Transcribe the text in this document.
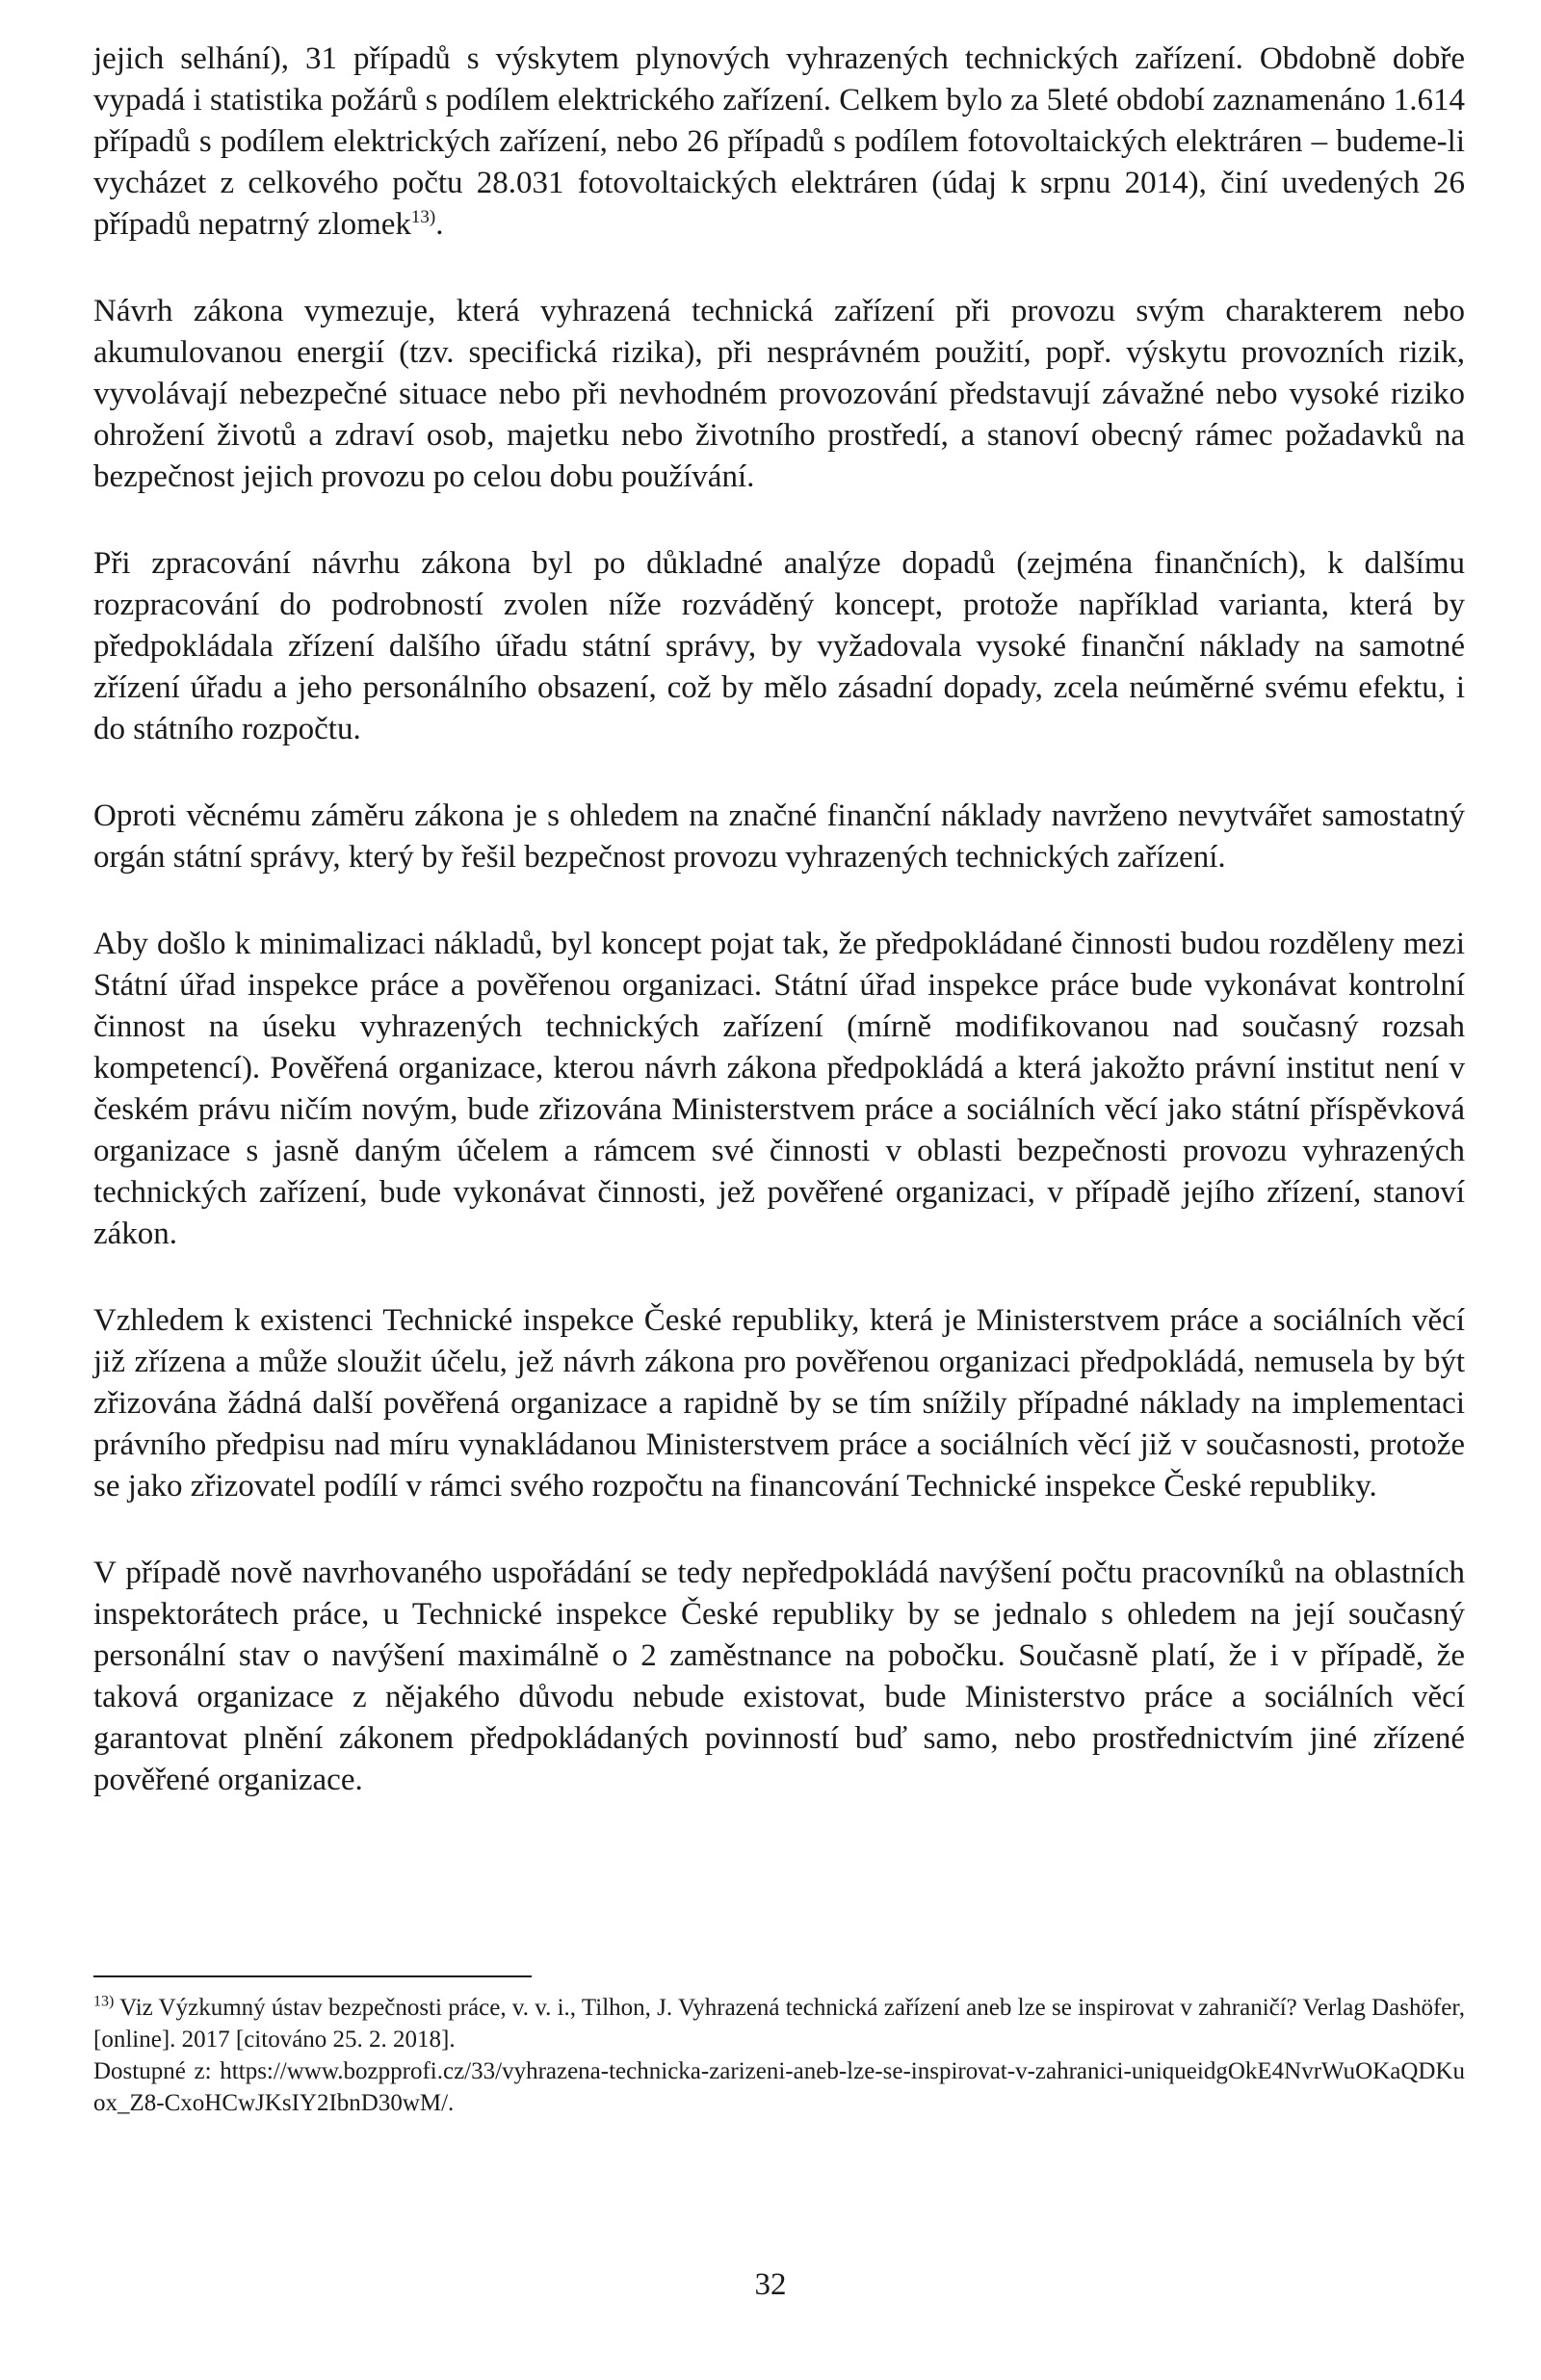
jejich selhání), 31 případů s výskytem plynových vyhrazených technických zařízení. Obdobně dobře vypadá i statistika požárů s podílem elektrického zařízení. Celkem bylo za 5leté období zaznamenáno 1.614 případů s podílem elektrických zařízení, nebo 26 případů s podílem fotovoltaických elektráren – budeme-li vycházet z celkového počtu 28.031 fotovoltaických elektráren (údaj k srpnu 2014), činí uvedených 26 případů nepatrný zlomek$^{13)}$.

Návrh zákona vymezuje, která vyhrazená technická zařízení při provozu svým charakterem nebo akumulovanou energií (tzv. specifická rizika), při nesprávném použití, popř. výskytu provozních rizik, vyvolávají nebezpečné situace nebo při nevhodném provozování představují závažné nebo vysoké riziko ohrožení životů a zdraví osob, majetku nebo životního prostředí, a stanoví obecný rámec požadavků na bezpečnost jejich provozu po celou dobu používání.

Při zpracování návrhu zákona byl po důkladné analýze dopadů (zejména finančních), k dalšímu rozpracování do podrobností zvolen níže rozváděný koncept, protože například varianta, která by předpokládala zřízení dalšího úřadu státní správy, by vyžadovala vysoké finanční náklady na samotné zřízení úřadu a jeho personálního obsazení, což by mělo zásadní dopady, zcela neúměrné svému efektu, i do státního rozpočtu.

Oproti věcnému záměru zákona je s ohledem na značné finanční náklady navrženo nevytvářet samostatný orgán státní správy, který by řešil bezpečnost provozu vyhrazených technických zařízení.

Aby došlo k minimalizaci nákladů, byl koncept pojat tak, že předpokládané činnosti budou rozděleny mezi Státní úřad inspekce práce a pověřenou organizaci. Státní úřad inspekce práce bude vykonávat kontrolní činnost na úseku vyhrazených technických zařízení (mírně modifikovanou nad současný rozsah kompetencí). Pověřená organizace, kterou návrh zákona předpokládá a která jakožto právní institut není v českém právu ničím novým, bude zřizována Ministerstvem práce a sociálních věcí jako státní příspěvková organizace s jasně daným účelem a rámcem své činnosti v oblasti bezpečnosti provozu vyhrazených technických zařízení, bude vykonávat činnosti, jež pověřené organizaci, v případě jejího zřízení, stanoví zákon.

Vzhledem k existenci Technické inspekce České republiky, která je Ministerstvem práce a sociálních věcí již zřízena a může sloužit účelu, jež návrh zákona pro pověřenou organizaci předpokládá, nemusela by být zřizována žádná další pověřená organizace a rapidně by se tím snížily případné náklady na implementaci právního předpisu nad míru vynakládanou Ministerstvem práce a sociálních věcí již v současnosti, protože se jako zřizovatel podílí v rámci svého rozpočtu na financování Technické inspekce České republiky.

V případě nově navrhovaného uspořádání se tedy nepředpokládá navýšení počtu pracovníků na oblastních inspektorátech práce, u Technické inspekce České republiky by se jednalo s ohledem na její současný personální stav o navýšení maximálně o 2 zaměstnance na pobočku. Současně platí, že i v případě, že taková organizace z nějakého důvodu nebude existovat, bude Ministerstvo práce a sociálních věcí garantovat plnění zákonem předpokládaných povinností buď samo, nebo prostřednictvím jiné zřízené pověřené organizace.

$^{13)}$ Viz Výzkumný ústav bezpečnosti práce, v. v. i., Tilhon, J. Vyhrazená technická zařízení aneb lze se inspirovat v zahraničí? Verlag Dashöfer, [online]. 2017 [citováno 25. 2. 2018].
Dostupné z: https://www.bozpprofi.cz/33/vyhrazena-technicka-zarizeni-aneb-lze-se-inspirovat-v-zahranici-uniqueidgOkE4NvrWuOKaQDKuox_Z8-CxoHCwJKsIY2IbnD30wM/.
32
